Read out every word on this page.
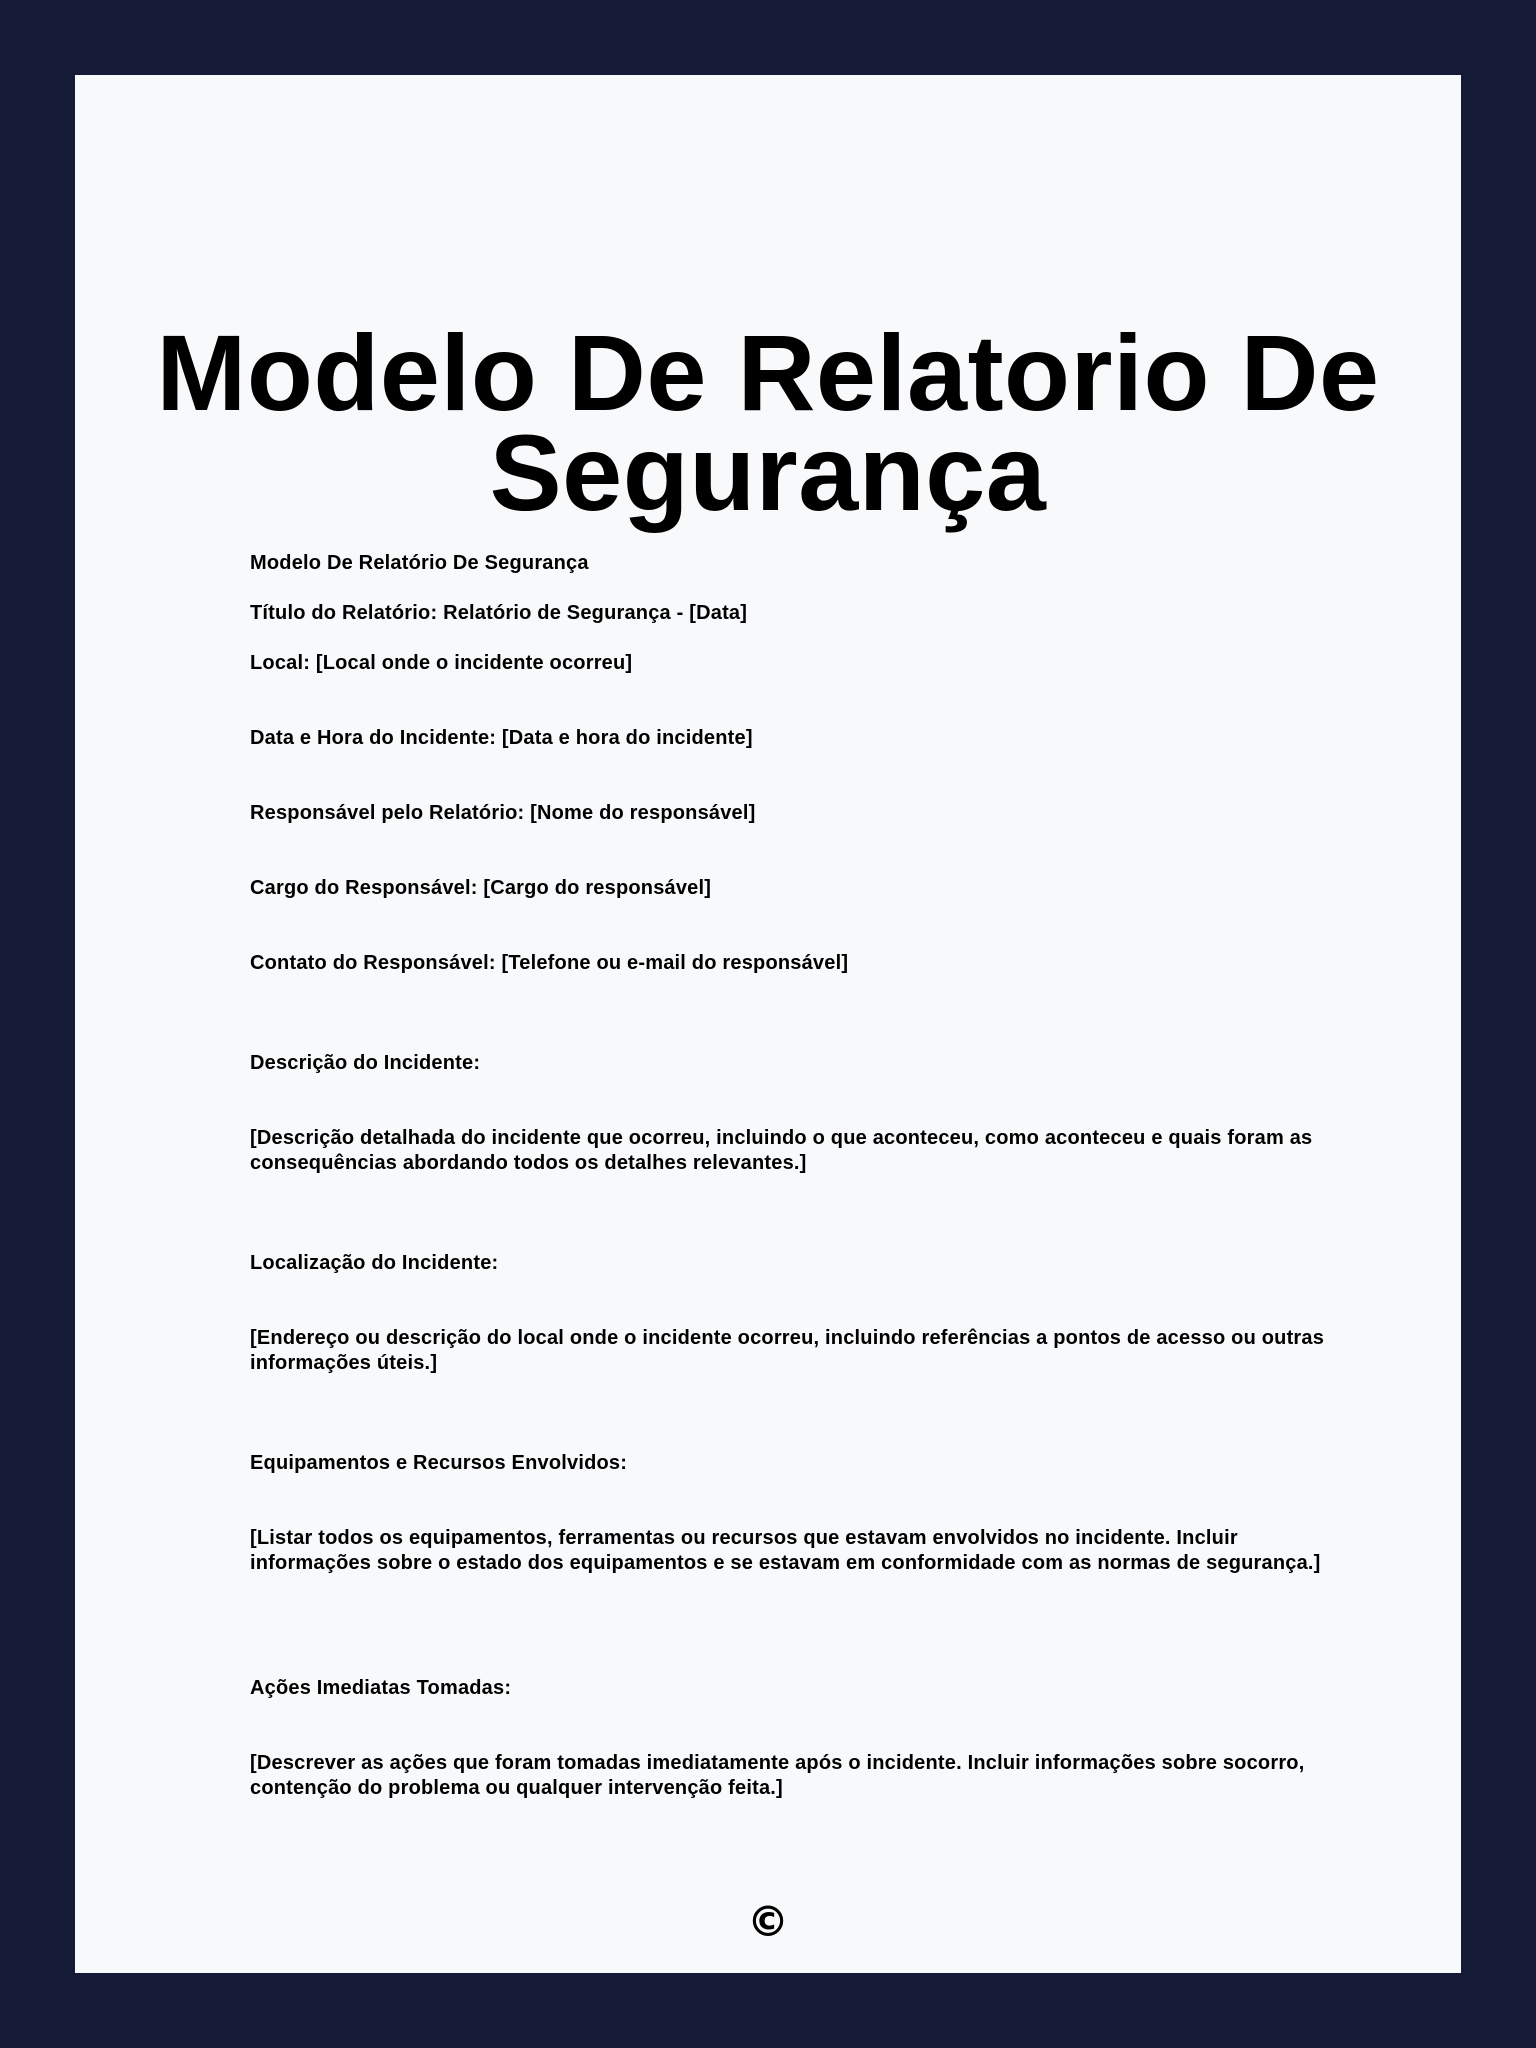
Modelo De Relatorio De Segurança

Modelo De Relatório De Segurança

Título do Relatório: Relatório de Segurança - [Data]

Local: [Local onde o incidente ocorreu]

Data e Hora do Incidente: [Data e hora do incidente]

Responsável pelo Relatório: [Nome do responsável]

Cargo do Responsável: [Cargo do responsável]

Contato do Responsável: [Telefone ou e-mail do responsável]

Descrição do Incidente:

[Descrição detalhada do incidente que ocorreu, incluindo o que aconteceu, como aconteceu e quais foram as consequências abordando todos os detalhes relevantes.]

Localização do Incidente:

[Endereço ou descrição do local onde o incidente ocorreu, incluindo referências a pontos de acesso ou outras informações úteis.]

Equipamentos e Recursos Envolvidos:

[Listar todos os equipamentos, ferramentas ou recursos que estavam envolvidos no incidente. Incluir informações sobre o estado dos equipamentos e se estavam em conformidade com as normas de segurança.]

Ações Imediatas Tomadas:

[Descrever as ações que foram tomadas imediatamente após o incidente. Incluir informações sobre socorro, contenção do problema ou qualquer intervenção feita.]

©
